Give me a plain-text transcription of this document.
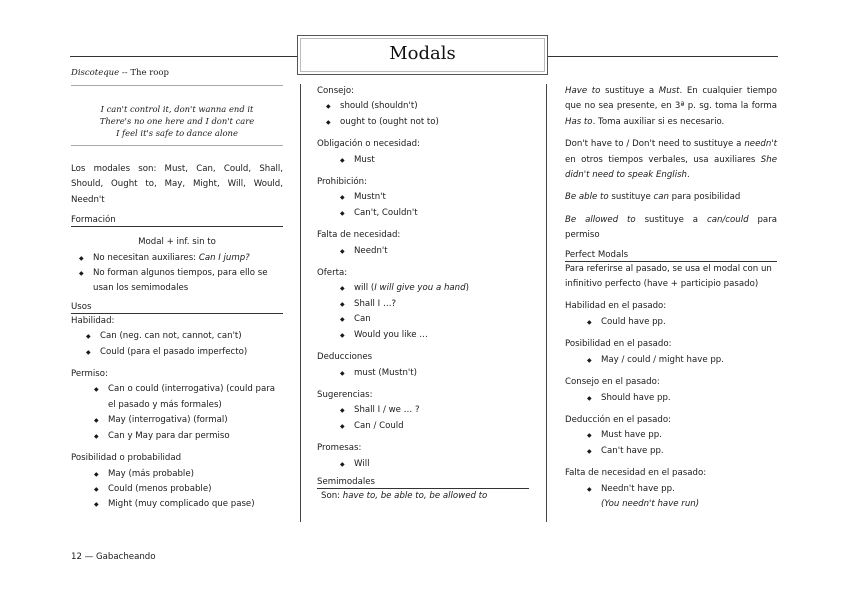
Modals

Discoteque -- The roop

I can't control it, don't wanna end it
There's no one here and I don't care
I feel it's safe to dance alone

Los modales son: Must, Can, Could, Shall, Should, Ought to, May, Might, Will, Would, Needn't

Formación

Modal + inf. sin to

◆ No necesitan auxiliares: Can I jump?
◆ No forman algunos tiempos, para ello se usan los semimodales
Usos

Habilidad:

◆ Can (neg. can not, cannot, can't)
◆ Could (para el pasado imperfecto)

Permiso:

◆ Can o could (interrogativa) (could para el pasado y más formales)
◆ May (interrogativa) (formal)
◆ Can y May para dar permiso

Posibilidad o probabilidad

◆ May (más probable)
◆ Could (menos probable)
◆ Might (muy complicado que pase)

Consejo:

◆ should (shouldn't)
◆ ought to (ought not to)

Obligación o necesidad:

◆ Must

Prohibición:

◆ Mustn't
◆ Can't, Couldn't

Falta de necesidad:

◆ Needn't

Oferta:

◆ will (I will give you a hand)
◆ Shall I …?
◆ Can
◆ Would you like …

Deducciones

◆ must (Mustn't)

Sugerencias:

◆ Shall I / we … ?
◆ Can / Could

Promesas:

◆ Will
Semimodales

Son: have to, be able to, be allowed to

Have to sustituye a Must. En cualquier tiempo que no sea presente, en 3ª p. sg. toma la forma Has to. Toma auxiliar si es necesario.

Don't have to / Don't need to sustituye a needn't en otros tiempos verbales, usa auxiliares She didn't need to speak English.

Be able to sustituye can para posibilidad

Be allowed to sustituye a can/could para permiso

Perfect Modals

Para referirse al pasado, se usa el modal con un infinitivo perfecto (have + participio pasado)

Habilidad en el pasado:

◆ Could have pp.

Posibilidad en el pasado:

◆ May / could / might have pp.

Consejo en el pasado:

◆ Should have pp.

Deducción en el pasado:

◆ Must have pp.
◆ Can't have pp.

Falta de necesidad en el pasado:

◆ Needn't have pp.
(You needn't have run)
12 — Gabacheando
